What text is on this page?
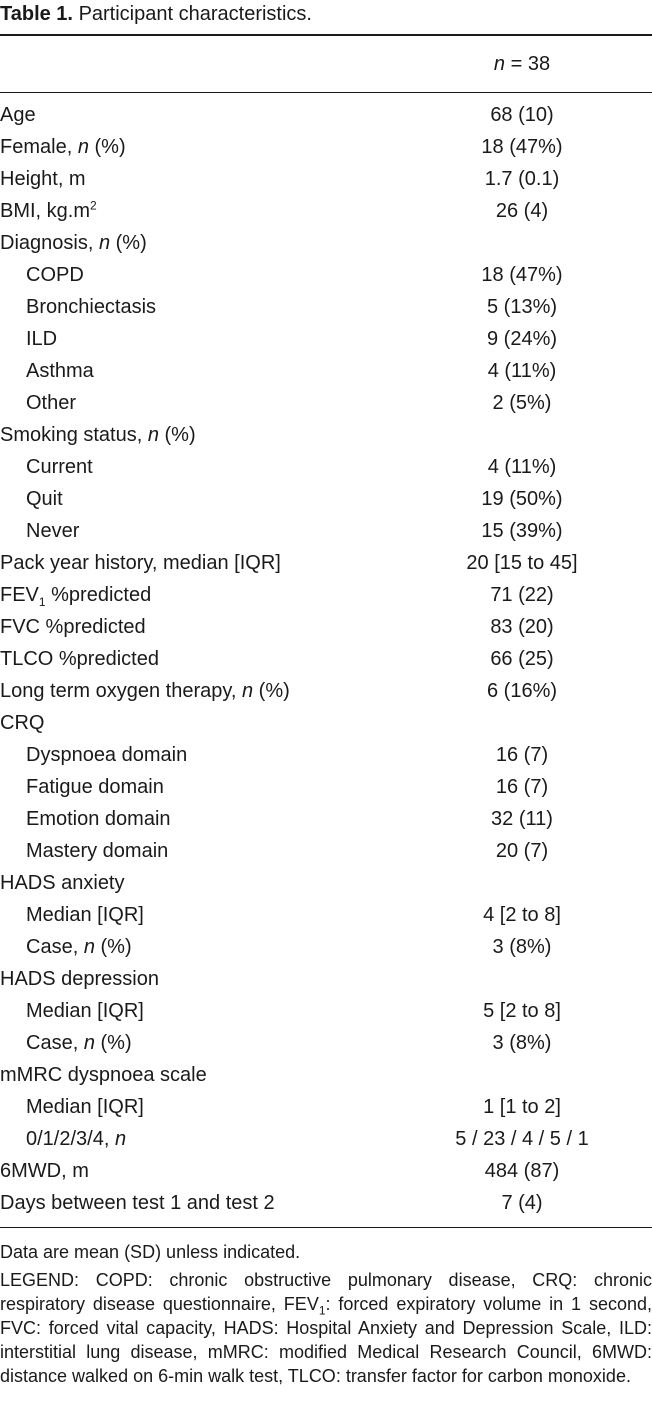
Table 1. Participant characteristics.
n = 38
Age	68 (10)
Female, n (%)	18 (47%)
Height, m	1.7 (0.1)
BMI, $kg.m^2$	26 (4)
Diagnosis, n (%)
COPD	18 (47%)
Bronchiectasis	5 (13%)
ILD	9 (24%)
Asthma	4 (11%)
Other	2 (5%)
Smoking status, n (%)
Current	4 (11%)
Quit	19 (50%)
Never	15 (39%)
Pack year history, median [IQR]	20 [15 to 45]
$FEV_1$ %predicted	71 (22)
FVC %predicted	83 (20)
TLCO %predicted	66 (25)
Long term oxygen therapy, n (%)	6 (16%)
CRQ
Dyspnoea domain	16 (7)
Fatigue domain	16 (7)
Emotion domain	32 (11)
Mastery domain	20 (7)
HADS anxiety
Median [IQR]	4 [2 to 8]
Case, n (%)	3 (8%)
HADS depression
Median [IQR]	5 [2 to 8]
Case, n (%)	3 (8%)
mMRC dyspnoea scale
Median [IQR]	1 [1 to 2]
0/1/2/3/4, n	5 / 23 / 4 / 5 / 1
6MWD, m	484 (87)
Days between test 1 and test 2	7 (4)

Data are mean (SD) unless indicated.

LEGEND: COPD: chronic obstructive pulmonary disease, CRQ: chronic respiratory disease questionnaire, $FEV_1$: forced expiratory volume in 1 second, FVC: forced vital capacity, HADS: Hospital Anxiety and Depression Scale, ILD: interstitial lung disease, mMRC: modified Medical Research Council, 6MWD: distance walked on 6-min walk test, TLCO: transfer factor for carbon monoxide.
